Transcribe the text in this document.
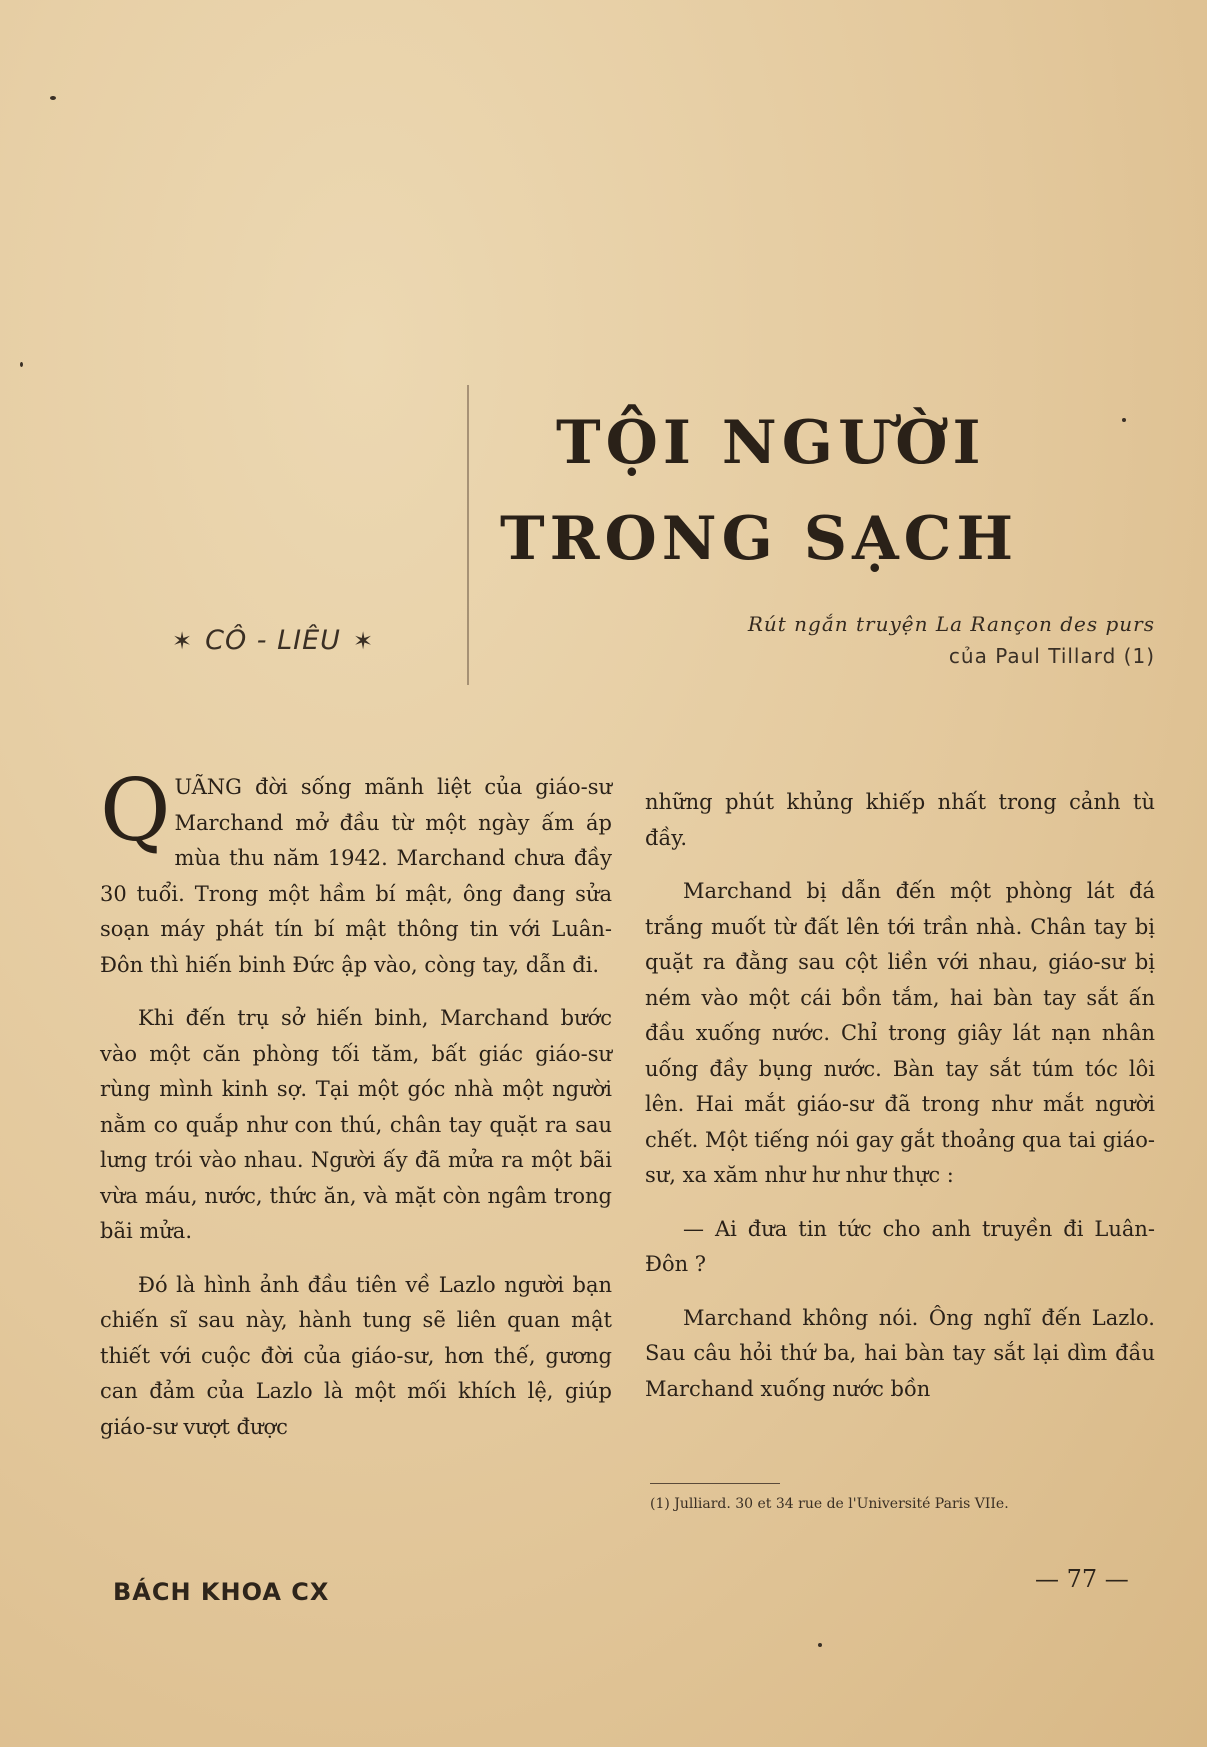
TỘI NGƯỜI
TRONG SẠCH
✶ CÔ - LIÊU ✶
Rút ngắn truyện La Rançon des purs
của Paul Tillard (1)

QUÃNG đời sống mãnh liệt của giáo-sư Marchand mở đầu từ một ngày ấm áp mùa thu năm 1942. Marchand chưa đầy 30 tuổi. Trong một hầm bí mật, ông đang sửa soạn máy phát tín bí mật thông tin với Luân-Đôn thì hiến binh Đức ập vào, còng tay, dẫn đi.

Khi đến trụ sở hiến binh, Marchand bước vào một căn phòng tối tăm, bất giác giáo-sư rùng mình kinh sợ. Tại một góc nhà một người nằm co quắp như con thú, chân tay quặt ra sau lưng trói vào nhau. Người ấy đã mửa ra một bãi vừa máu, nước, thức ăn, và mặt còn ngâm trong bãi mửa.

Đó là hình ảnh đầu tiên về Lazlo người bạn chiến sĩ sau này, hành tung sẽ liên quan mật thiết với cuộc đời của giáo-sư, hơn thế, gương can đảm của Lazlo là một mối khích lệ, giúp giáo-sư vượt được

những phút khủng khiếp nhất trong cảnh tù đầy.

Marchand bị dẫn đến một phòng lát đá trắng muốt từ đất lên tới trần nhà. Chân tay bị quặt ra đằng sau cột liền với nhau, giáo-sư bị ném vào một cái bồn tắm, hai bàn tay sắt ấn đầu xuống nước. Chỉ trong giây lát nạn nhân uống đầy bụng nước. Bàn tay sắt túm tóc lôi lên. Hai mắt giáo-sư đã trong như mắt người chết. Một tiếng nói gay gắt thoảng qua tai giáo-sư, xa xăm như hư như thực :

— Ai đưa tin tức cho anh truyền đi Luân-Đôn ?

Marchand không nói. Ông nghĩ đến Lazlo. Sau câu hỏi thứ ba, hai bàn tay sắt lại dìm đầu Marchand xuống nước bồn

(1) Julliard. 30 et 34 rue de l'Université Paris VIIe.
BÁCH KHOA CX	— 77 —
